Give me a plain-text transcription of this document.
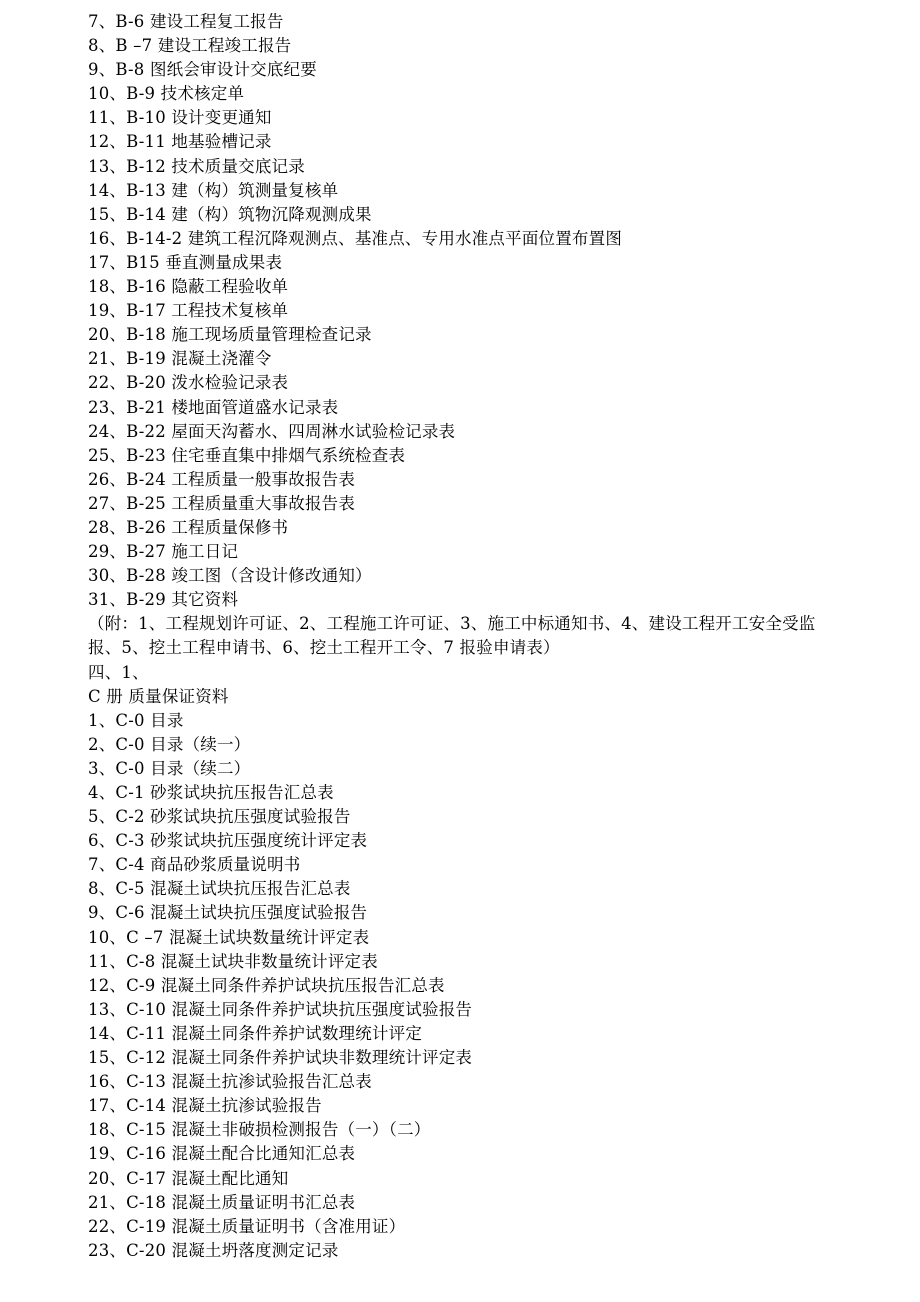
7、B-6 建设工程复工报告
8、B –7 建设工程竣工报告
9、B-8 图纸会审设计交底纪要
10、B-9 技术核定单
11、B-10 设计变更通知
12、B-11 地基验槽记录
13、B-12 技术质量交底记录
14、B-13 建（构）筑测量复核单
15、B-14 建（构）筑物沉降观测成果
16、B-14-2 建筑工程沉降观测点、基准点、专用水准点平面位置布置图
17、B15 垂直测量成果表
18、B-16 隐蔽工程验收单
19、B-17 工程技术复核单
20、B-18 施工现场质量管理检查记录
21、B-19 混凝土浇灌令
22、B-20 泼水检验记录表
23、B-21 楼地面管道盛水记录表
24、B-22 屋面天沟蓄水、四周淋水试验检记录表
25、B-23 住宅垂直集中排烟气系统检查表
26、B-24 工程质量一般事故报告表
27、B-25 工程质量重大事故报告表
28、B-26 工程质量保修书
29、B-27 施工日记
30、B-28 竣工图（含设计修改通知）
31、B-29 其它资料
（附：1、工程规划许可证、2、工程施工许可证、3、施工中标通知书、4、建设工程开工安全受监报、5、挖土工程申请书、6、挖土工程开工令、7 报验申请表）
四、1、
C 册 质量保证资料
1、C-0 目录
2、C-0 目录（续一）
3、C-0 目录（续二）
4、C-1 砂浆试块抗压报告汇总表
5、C-2 砂浆试块抗压强度试验报告
6、C-3 砂浆试块抗压强度统计评定表
7、C-4 商品砂浆质量说明书
8、C-5 混凝土试块抗压报告汇总表
9、C-6 混凝土试块抗压强度试验报告
10、C –7 混凝土试块数量统计评定表
11、C-8 混凝土试块非数量统计评定表
12、C-9 混凝土同条件养护试块抗压报告汇总表
13、C-10 混凝土同条件养护试块抗压强度试验报告
14、C-11 混凝土同条件养护试数理统计评定
15、C-12 混凝土同条件养护试块非数理统计评定表
16、C-13 混凝土抗渗试验报告汇总表
17、C-14 混凝土抗渗试验报告
18、C-15 混凝土非破损检测报告（一）（二）
19、C-16 混凝土配合比通知汇总表
20、C-17 混凝土配比通知
21、C-18 混凝土质量证明书汇总表
22、C-19 混凝土质量证明书（含准用证）
23、C-20 混凝土坍落度测定记录
